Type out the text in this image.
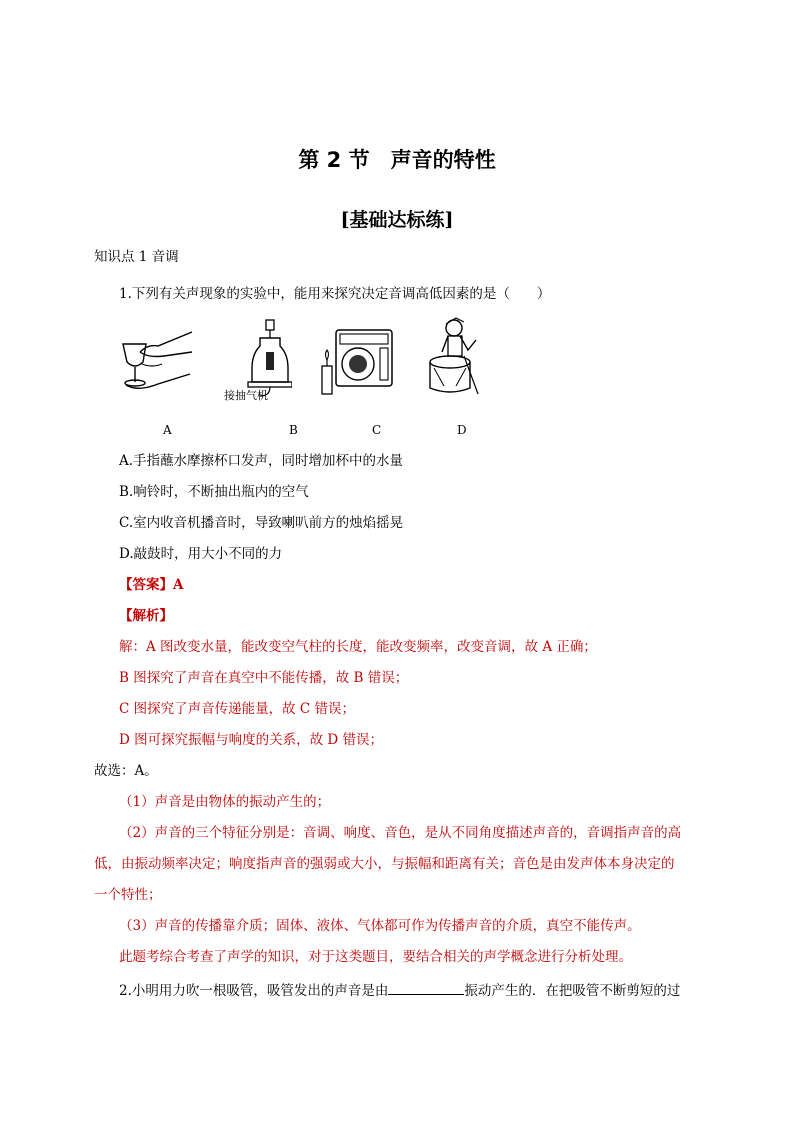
第 2 节　声音的特性
[基础达标练]
知识点 1 音调
1.下列有关声现象的实验中，能用来探究决定音调高低因素的是（　　）
接抽气机
A	B	C	D
A.手指蘸水摩擦杯口发声，同时增加杯中的水量
B.响铃时，不断抽出瓶内的空气
C.室内收音机播音时，导致喇叭前方的烛焰摇晃
D.敲鼓时，用大小不同的力
【答案】A
【解析】
解：A 图改变水量，能改变空气柱的长度，能改变频率，改变音调，故 A 正确；
B 图探究了声音在真空中不能传播，故 B 错误；
C 图探究了声音传递能量，故 C 错误；
D 图可探究振幅与响度的关系，故 D 错误；
故选：A。
（1）声音是由物体的振动产生的；
（2）声音的三个特征分别是：音调、响度、音色，是从不同角度描述声音的，音调指声音的高
低，由振动频率决定；响度指声音的强弱或大小，与振幅和距离有关；音色是由发声体本身决定的
一个特性；
（3）声音的传播靠介质；固体、液体、气体都可作为传播声音的介质，真空不能传声。
此题考综合考查了声学的知识，对于这类题目，要结合相关的声学概念进行分析处理。
2.小明用力吹一根吸管，吸管发出的声音是由	振动产生的．在把吸管不断剪短的过
